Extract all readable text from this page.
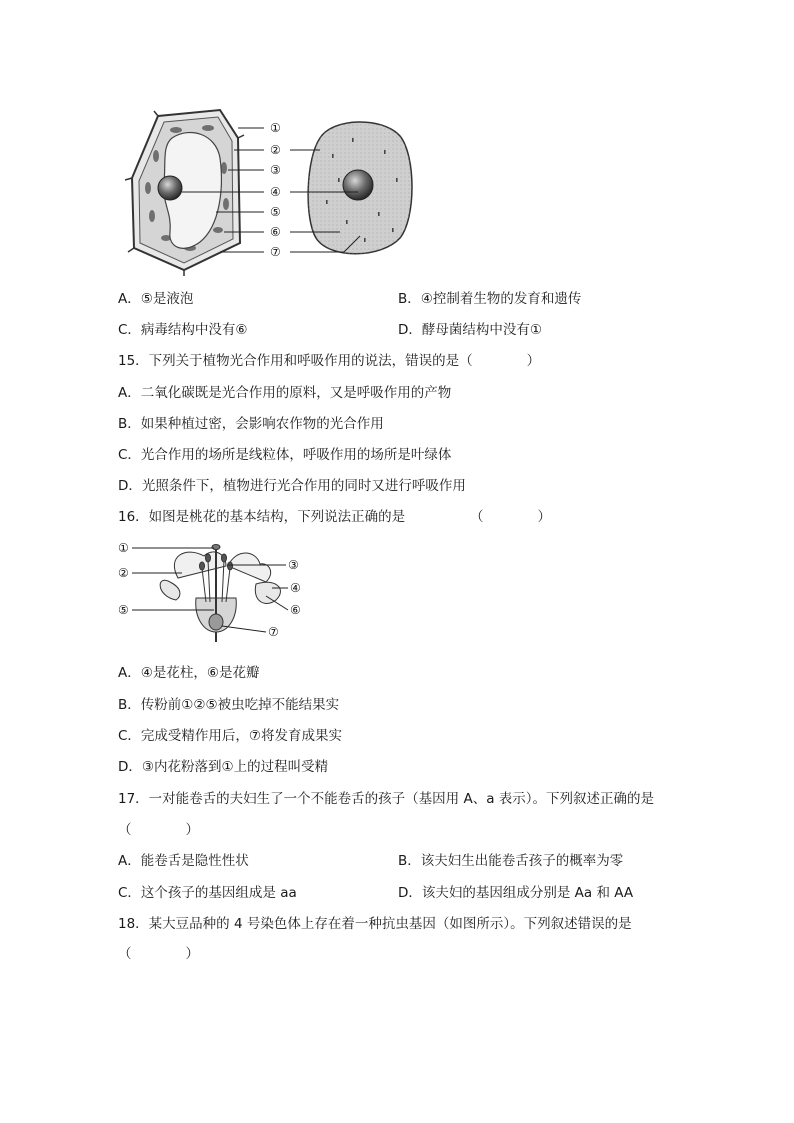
①
②
③
④
⑤
⑥
⑦
A．⑤是液泡	B．④控制着生物的发育和遗传
C．病毒结构中没有⑥	D．酵母菌结构中没有①
15．下列关于植物光合作用和呼吸作用的说法，错误的是（　　　　）
A．二氧化碳既是光合作用的原料，又是呼吸作用的产物
B．如果种植过密，会影响农作物的光合作用
C．光合作用的场所是线粒体，呼吸作用的场所是叶绿体
D．光照条件下，植物进行光合作用的同时又进行呼吸作用
16．如图是桃花的基本结构，下列说法正确的是	（　　　　）
①
②
③
④
⑤	⑥
⑦
A．④是花柱，⑥是花瓣
B．传粉前①②⑤被虫吃掉不能结果实
C．完成受精作用后，⑦将发育成果实
D．③内花粉落到①上的过程叫受精
17．一对能卷舌的夫妇生了一个不能卷舌的孩子（基因用 A、a 表示）。下列叙述正确的是
（　　　　）
A．能卷舌是隐性性状	B．该夫妇生出能卷舌孩子的概率为零
C．这个孩子的基因组成是 aa	D．该夫妇的基因组成分别是 Aa 和 AA
18．某大豆品种的 4 号染色体上存在着一种抗虫基因（如图所示）。下列叙述错误的是
（　　　　）
